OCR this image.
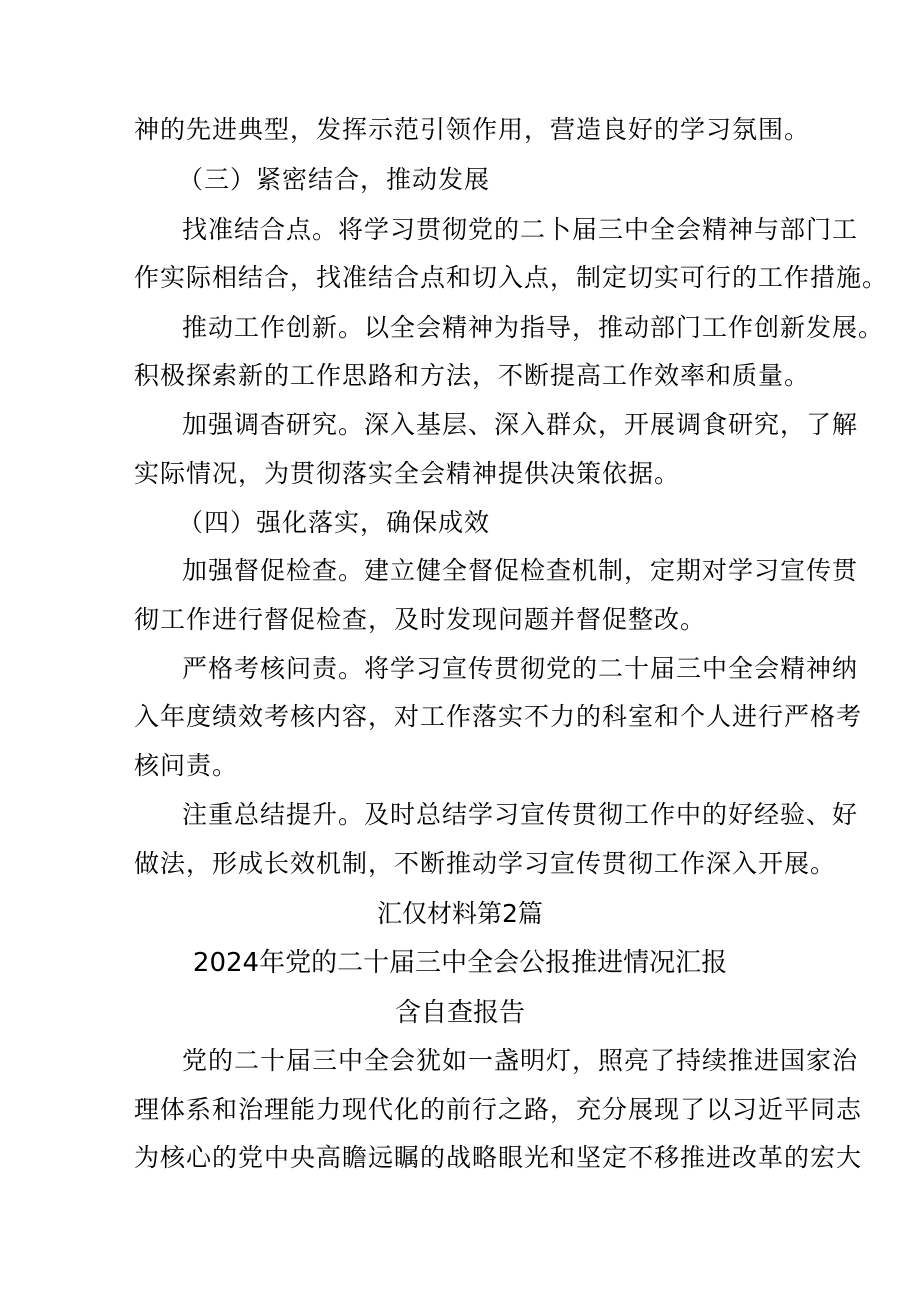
神的先进典型，发挥示范引领作用，营造良好的学习氛围。
（三）紧密结合，推动发展
找准结合点。将学习贯彻党的二卜届三中全会精神与部门工
作实际相结合，找准结合点和切入点，制定切实可行的工作措施。
推动工作创新。以全会精神为指导，推动部门工作创新发展。
积极探索新的工作思路和方法，不断提高工作效率和质量。
加强调杳研究。深入基层、深入群众，开展调食研究，了解
实际情况，为贯彻落实全会精神提供决策依据。
（四）强化落实，确保成效
加强督促检查。建立健全督促检查机制，定期对学习宣传贯
彻工作进行督促检查，及时发现问题并督促整改。
严格考核问责。将学习宣传贯彻党的二十届三中全会精神纳
入年度绩效考核内容，对工作落实不力的科室和个人进行严格考
核问责。
注重总结提升。及时总结学习宣传贯彻工作中的好经验、好
做法，形成长效机制，不断推动学习宣传贯彻工作深入开展。
汇仅材料第2篇
2024年党的二十届三中全会公报推进情况汇报
含自查报告
党的二十届三中全会犹如一盏明灯，照亮了持续推进国家治
理体系和治理能力现代化的前行之路，充分展现了以习近平同志
为核心的党中央高瞻远瞩的战略眼光和坚定不移推进改革的宏大
